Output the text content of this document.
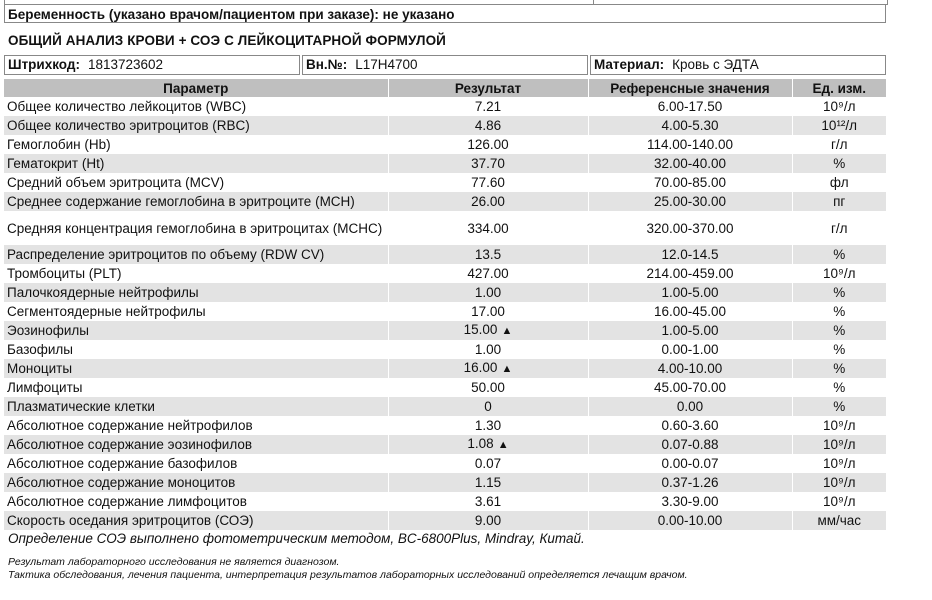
Беременность (указано врачом/пациентом при заказе): не указано
ОБЩИЙ АНАЛИЗ КРОВИ + СОЭ С ЛЕЙКОЦИТАРНОЙ ФОРМУЛОЙ
Штрихкод: 1813723602	Вн.№: L17H4700	Материал: Кровь с ЭДТА
Параметр	Результат	Референсные значения	Ед. изм.
Общее количество лейкоцитов (WBC)	7.21	6.00-17.50	10⁹/л
Общее количество эритроцитов (RBC)	4.86	4.00-5.30	10¹²/л
Гемоглобин (Hb)	126.00	114.00-140.00	г/л
Гематокрит (Ht)	37.70	32.00-40.00	%
Средний объем эритроцита (MCV)	77.60	70.00-85.00	фл
Среднее содержание гемоглобина в эритроците (MCH)	26.00	25.00-30.00	пг
Средняя концентрация гемоглобина в эритроцитах (MCHC)	334.00	320.00-370.00	г/л
Распределение эритроцитов по объему (RDW CV)	13.5	12.0-14.5	%
Тромбоциты (PLT)	427.00	214.00-459.00	10⁹/л
Палочкоядерные нейтрофилы	1.00	1.00-5.00	%
Сегментоядерные нейтрофилы	17.00	16.00-45.00	%
Эозинофилы	15.00 ▲	1.00-5.00	%
Базофилы	1.00	0.00-1.00	%
Моноциты	16.00 ▲	4.00-10.00	%
Лимфоциты	50.00	45.00-70.00	%
Плазматические клетки	0	0.00	%
Абсолютное содержание нейтрофилов	1.30	0.60-3.60	10⁹/л
Абсолютное содержание эозинофилов	1.08 ▲	0.07-0.88	10⁹/л
Абсолютное содержание базофилов	0.07	0.00-0.07	10⁹/л
Абсолютное содержание моноцитов	1.15	0.37-1.26	10⁹/л
Абсолютное содержание лимфоцитов	3.61	3.30-9.00	10⁹/л
Скорость оседания эритроцитов (СОЭ)	9.00	0.00-10.00	мм/час
Определение СОЭ выполнено фотометрическим методом, BC-6800Plus, Mindray, Китай.
Результат лабораторного исследования не является диагнозом.
Тактика обследования, лечения пациента, интерпретация результатов лабораторных исследований определяется лечащим врачом.
